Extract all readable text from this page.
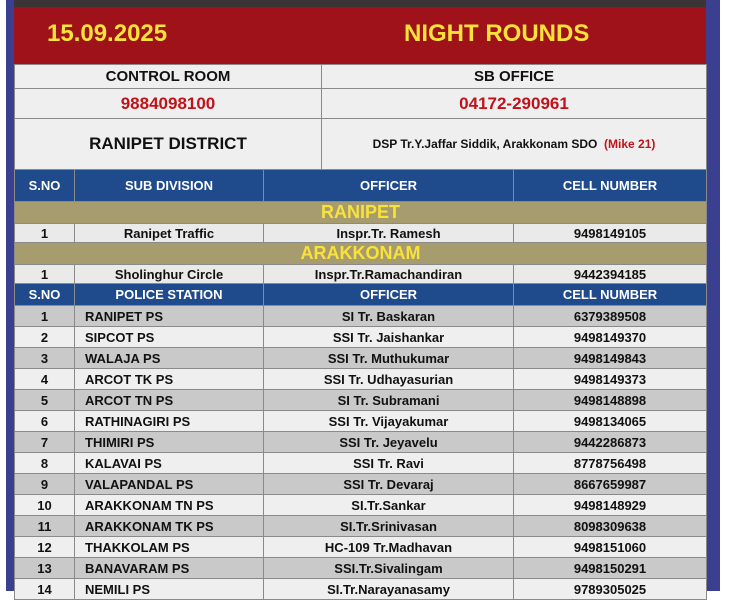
15.09.2025	NIGHT ROUNDS
CONTROL ROOM	SB OFFICE
9884098100	04172-290961
RANIPET DISTRICT	DSP Tr.Y.Jaffar Siddik, Arakkonam SDO (Mike 21)
S.NO	SUB DIVISION	OFFICER	CELL NUMBER
RANIPET			
1	Ranipet Traffic	Inspr.Tr. Ramesh	9498149105
ARAKKONAM			
1	Sholinghur Circle	Inspr.Tr.Ramachandiran	9442394185
S.NO	POLICE STATION	OFFICER	CELL NUMBER
1	RANIPET PS	SI Tr. Baskaran	6379389508
2	SIPCOT PS	SSI Tr. Jaishankar	9498149370
3	WALAJA PS	SSI Tr. Muthukumar	9498149843
4	ARCOT TK PS	SSI Tr. Udhayasurian	9498149373
5	ARCOT TN PS	SI Tr. Subramani	9498148898
6	RATHINAGIRI PS	SSI Tr. Vijayakumar	9498134065
7	THIMIRI PS	SSI Tr. Jeyavelu	9442286873
8	KALAVAI PS	SSI Tr. Ravi	8778756498
9	VALAPANDAL PS	SSI Tr. Devaraj	8667659987
10	ARAKKONAM TN PS	SI.Tr.Sankar	9498148929
11	ARAKKONAM TK PS	SI.Tr.Srinivasan	8098309638
12	THAKKOLAM PS	HC-109 Tr.Madhavan	9498151060
13	BANAVARAM PS	SSI.Tr.Sivalingam	9498150291
14	NEMILI PS	SI.Tr.Narayanasamy	9789305025
